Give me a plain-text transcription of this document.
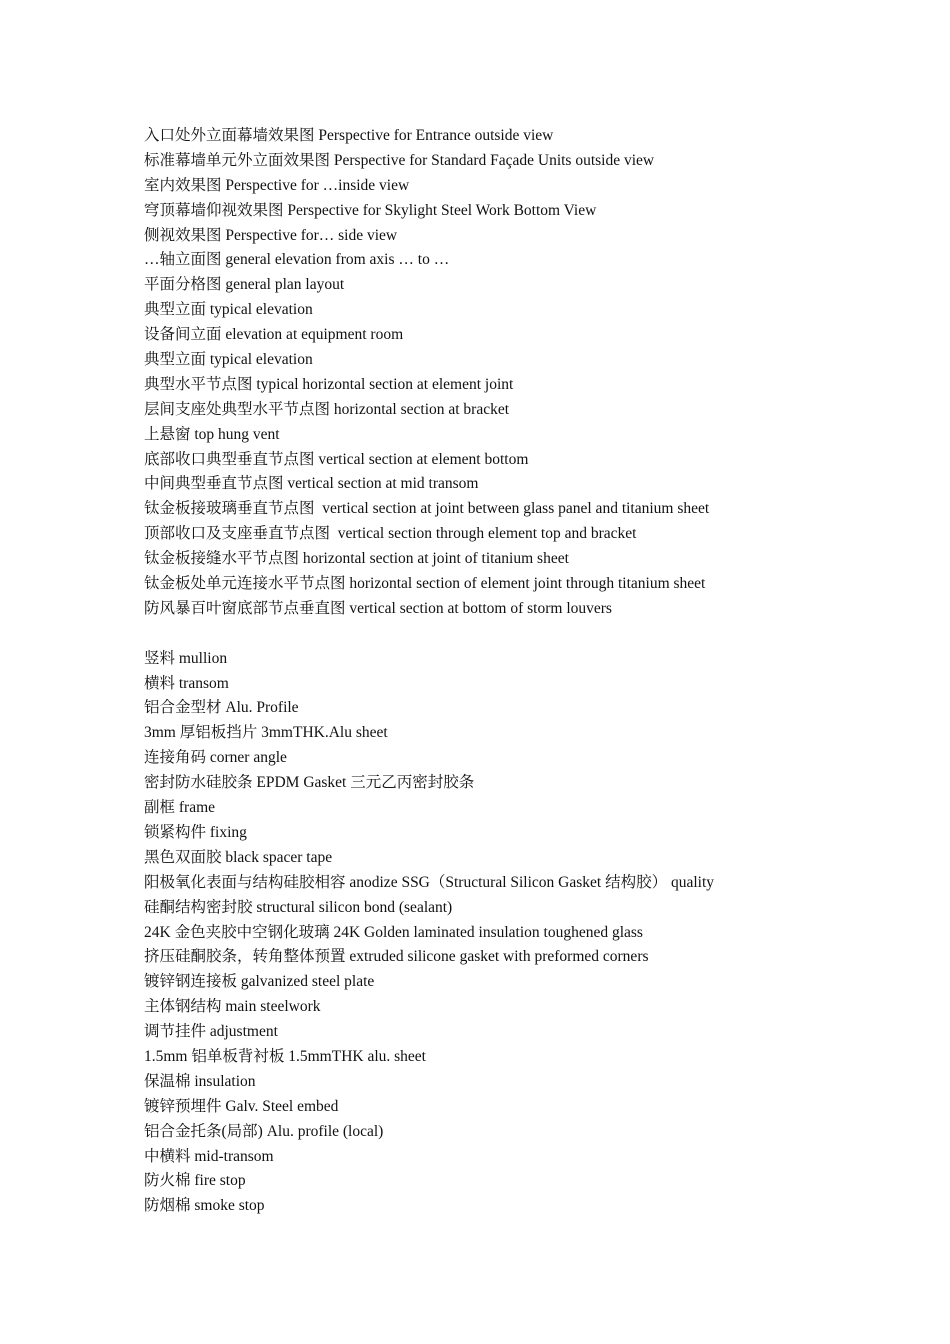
入口处外立面幕墙效果图 Perspective for Entrance outside view
标准幕墙单元外立面效果图 Perspective for Standard Façade Units outside view
室内效果图 Perspective for …inside view
穹顶幕墙仰视效果图 Perspective for Skylight Steel Work Bottom View
侧视效果图 Perspective for… side view
…轴立面图 general elevation from axis … to …
平面分格图 general plan layout
典型立面 typical elevation
设备间立面 elevation at equipment room
典型立面 typical elevation
典型水平节点图 typical horizontal section at element joint
层间支座处典型水平节点图 horizontal section at bracket
上悬窗 top hung vent
底部收口典型垂直节点图 vertical section at element bottom
中间典型垂直节点图 vertical section at mid transom
钛金板接玻璃垂直节点图  vertical section at joint between glass panel and titanium sheet
顶部收口及支座垂直节点图  vertical section through element top and bracket
钛金板接缝水平节点图 horizontal section at joint of titanium sheet
钛金板处单元连接水平节点图 horizontal section of element joint through titanium sheet
防风暴百叶窗底部节点垂直图 vertical section at bottom of storm louvers
竖料 mullion
横料 transom
铝合金型材 Alu. Profile
3mm 厚铝板挡片 3mmTHK.Alu sheet
连接角码 corner angle
密封防水硅胶条 EPDM Gasket 三元乙丙密封胶条
副框 frame
锁紧构件 fixing
黑色双面胶 black spacer tape
阳极氧化表面与结构硅胶相容 anodize SSG（Structural Silicon Gasket 结构胶） quality
硅酮结构密封胶 structural silicon bond (sealant)
24K 金色夹胶中空钢化玻璃 24K Golden laminated insulation toughened glass
挤压硅酮胶条，转角整体预置 extruded silicone gasket with preformed corners
镀锌钢连接板 galvanized steel plate
主体钢结构 main steelwork
调节挂件 adjustment
1.5mm 铝单板背衬板 1.5mmTHK alu. sheet
保温棉 insulation
镀锌预埋件 Galv. Steel embed
铝合金托条(局部) Alu. profile (local)
中横料 mid-transom
防火棉 fire stop
防烟棉 smoke stop
